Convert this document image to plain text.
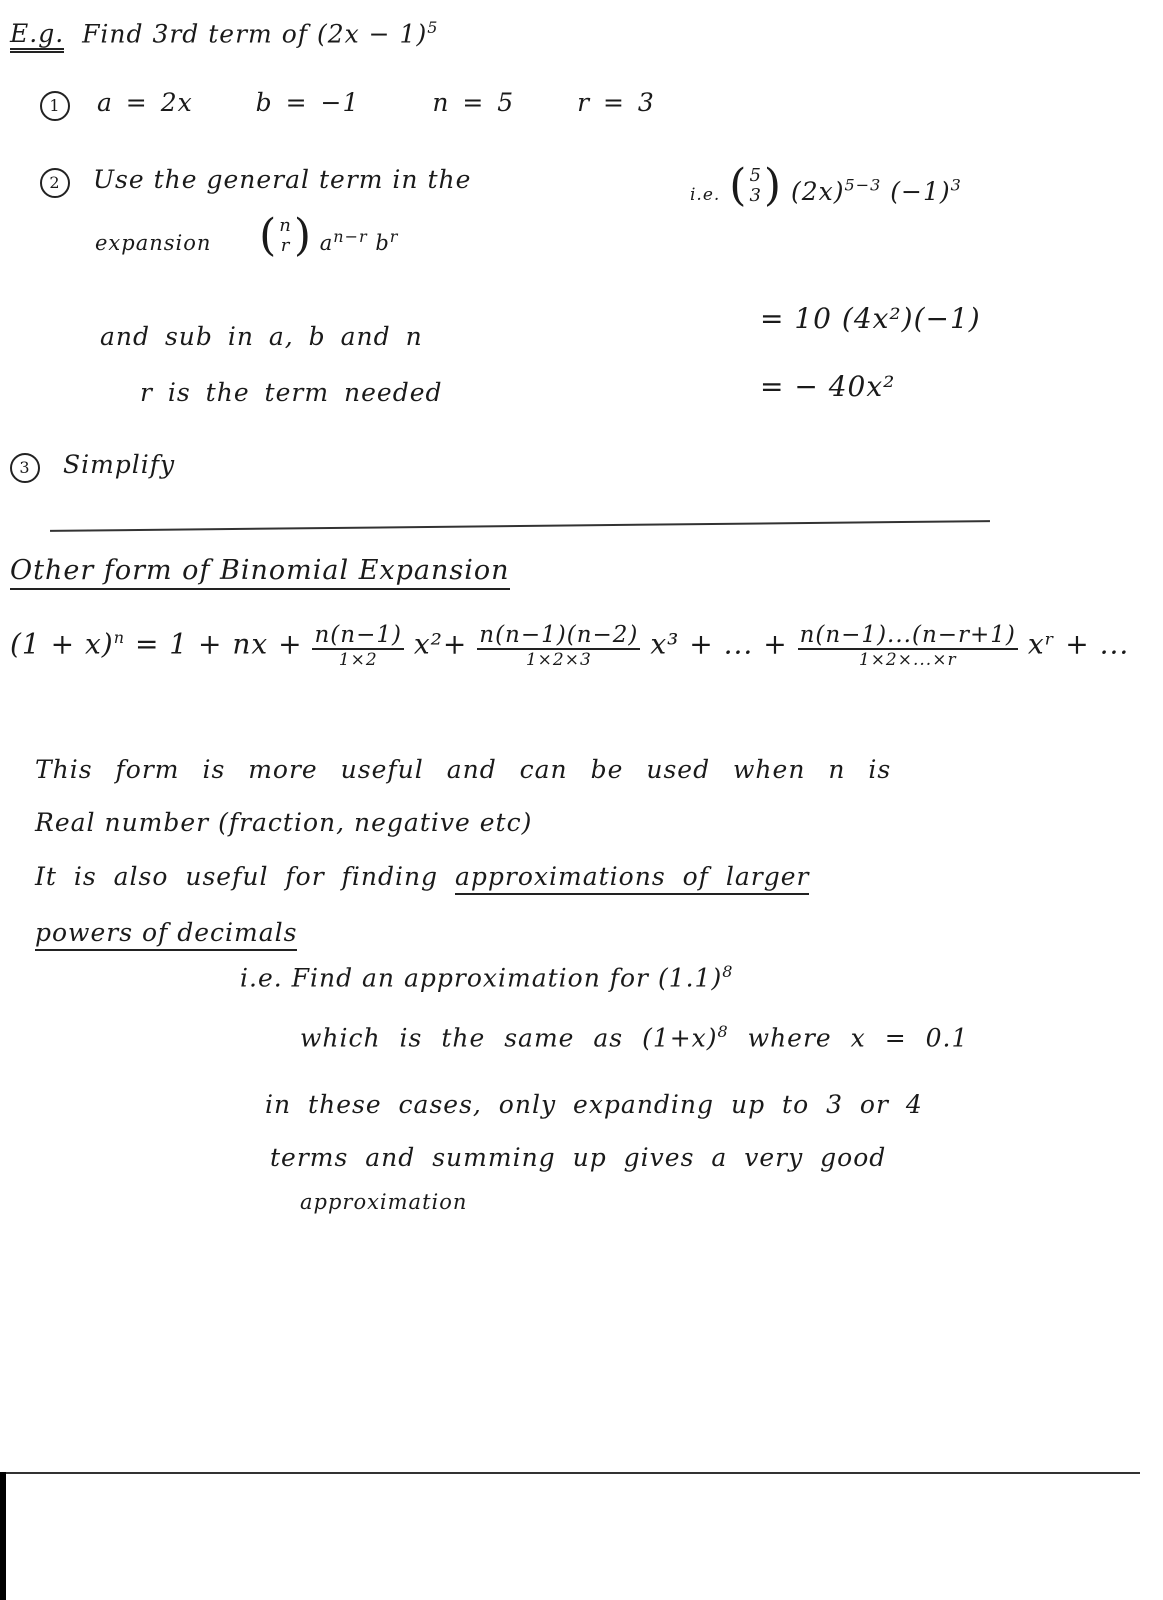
E.g. Find 3rd term of $(2x - 1)^5$
1 a = 2x	b = −1	n = 5	r = 3
2 Use the general term in the
expansion ( n
r ) $a^{n-r}$ $b^r$
and sub in a, b and n
r is the term needed
i.e. ( 5
3 ) $(2x)^{5-3}$ $(-1)^3$
= 10 (4x²)(−1)
= − 40x²
3 Simplify
Other form of Binomial Expansion
$(1 + x)^n = 1$ + nx + $\frac{n(n-1)}{1\times 2} x^2+ \frac{n(n-1)(n-2)}{1\times 2\times 3} x^3$ + ... + $\frac{n(n-1)...(n-r+1)}{1\times 2\times...\times r}$ xʳ + ...
This form is more useful and can be used when n is
Real number (fraction, negative etc)
It is also useful for finding approximations of larger
powers of decimals
i.e. Find an approximation for $(1.1)^8$
which is the same as $(1+x)^8$ where x = 0.1
in these cases, only expanding up to 3 or 4
terms and summing up gives a very good
approximation
